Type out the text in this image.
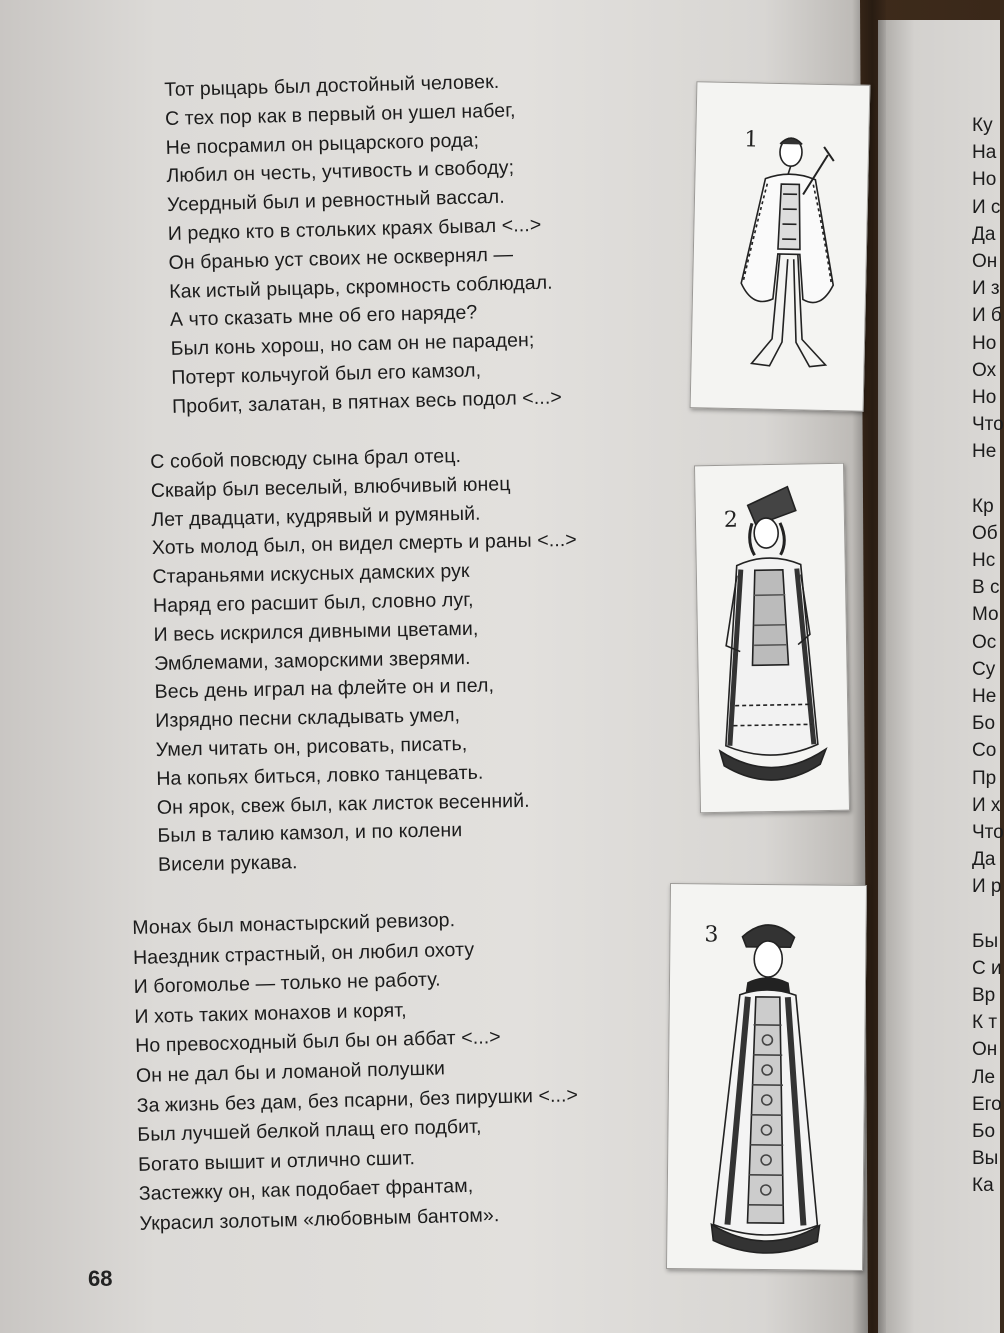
Тот рыцарь был достойный человек.
С тех пор как в первый он ушел набег,
Не посрамил он рыцарского рода;
Любил он честь, учтивость и свободу;
Усердный был и ревностный вассал.
И редко кто в стольких краях бывал <...>
Он бранью уст своих не осквернял —
Как истый рыцарь, скромность соблюдал.
А что сказать мне об его наряде?
Был конь хорош, но сам он не параден;
Потерт кольчугой был его камзол,
Пробит, залатан, в пятнах весь подол <...>
С собой повсюду сына брал отец.
Сквайр был веселый, влюбчивый юнец
Лет двадцати, кудрявый и румяный.
Хоть молод был, он видел смерть и раны <...>
Стараньями искусных дамских рук
Наряд его расшит был, словно луг,
И весь искрился дивными цветами,
Эмблемами, заморскими зверями.
Весь день играл на флейте он и пел,
Изрядно песни складывать умел,
Умел читать он, рисовать, писать,
На копьях биться, ловко танцевать.
Он ярок, свеж был, как листок весенний.
Был в талию камзол, и по колени
Висели рукава.
Монах был монастырский ревизор.
Наездник страстный, он любил охоту
И богомолье — только не работу.
И хоть таких монахов и корят,
Но превосходный был бы он аббат <...>
Он не дал бы и ломаной полушки
За жизнь без дам, без псарни, без пирушки <...>
Был лучшей белкой плащ его подбит,
Богато вышит и отлично сшит.
Застежку он, как подобает франтам,
Украсил золотым «любовным бантом».
1
2
3
68
Ку
На
Но
И с
Да
Он
И з
И б
Но
Ох
Но
Что
Не
Кр
Об
Нс
В с
Мо
Ос
Су
Не
Бо
Со
Пр
И х
Что
Да
И р
Бы
С и
Вр
К т
Он
Ле
Его
Бо
Вы
Ка
